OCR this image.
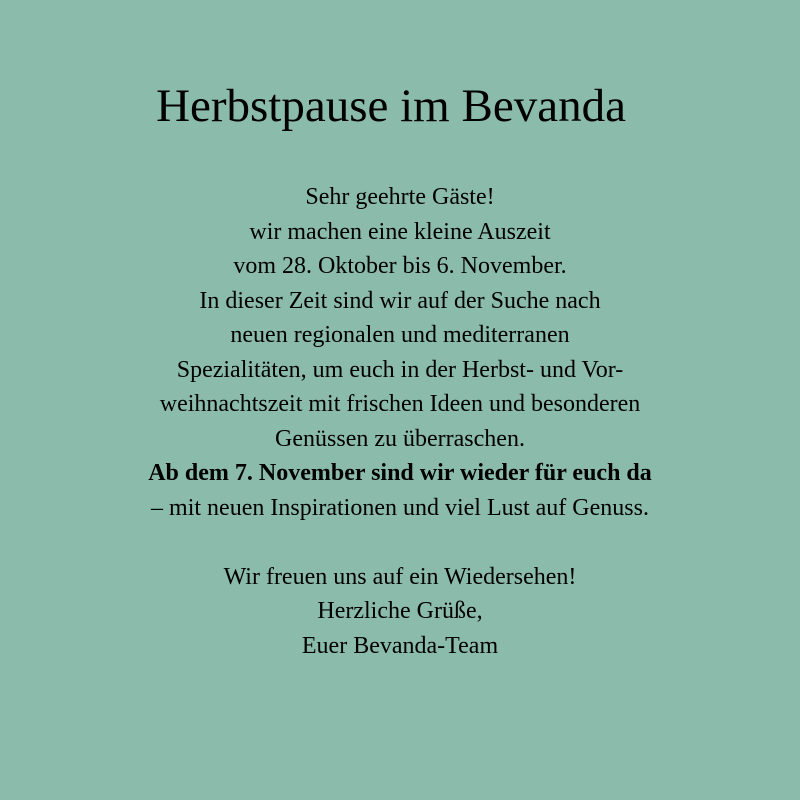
Herbstpause im Bevanda
Sehr geehrte Gäste!
wir machen eine kleine Auszeit
vom 28. Oktober bis 6. November.
In dieser Zeit sind wir auf der Suche nach
neuen regionalen und mediterranen
Spezialitäten, um euch in der Herbst- und Vor-
weihnachtszeit mit frischen Ideen und besonderen
Genüssen zu überraschen.
Ab dem 7. November sind wir wieder für euch da
– mit neuen Inspirationen und viel Lust auf Genuss.
Wir freuen uns auf ein Wiedersehen!
Herzliche Grüße,
Euer Bevanda-Team
